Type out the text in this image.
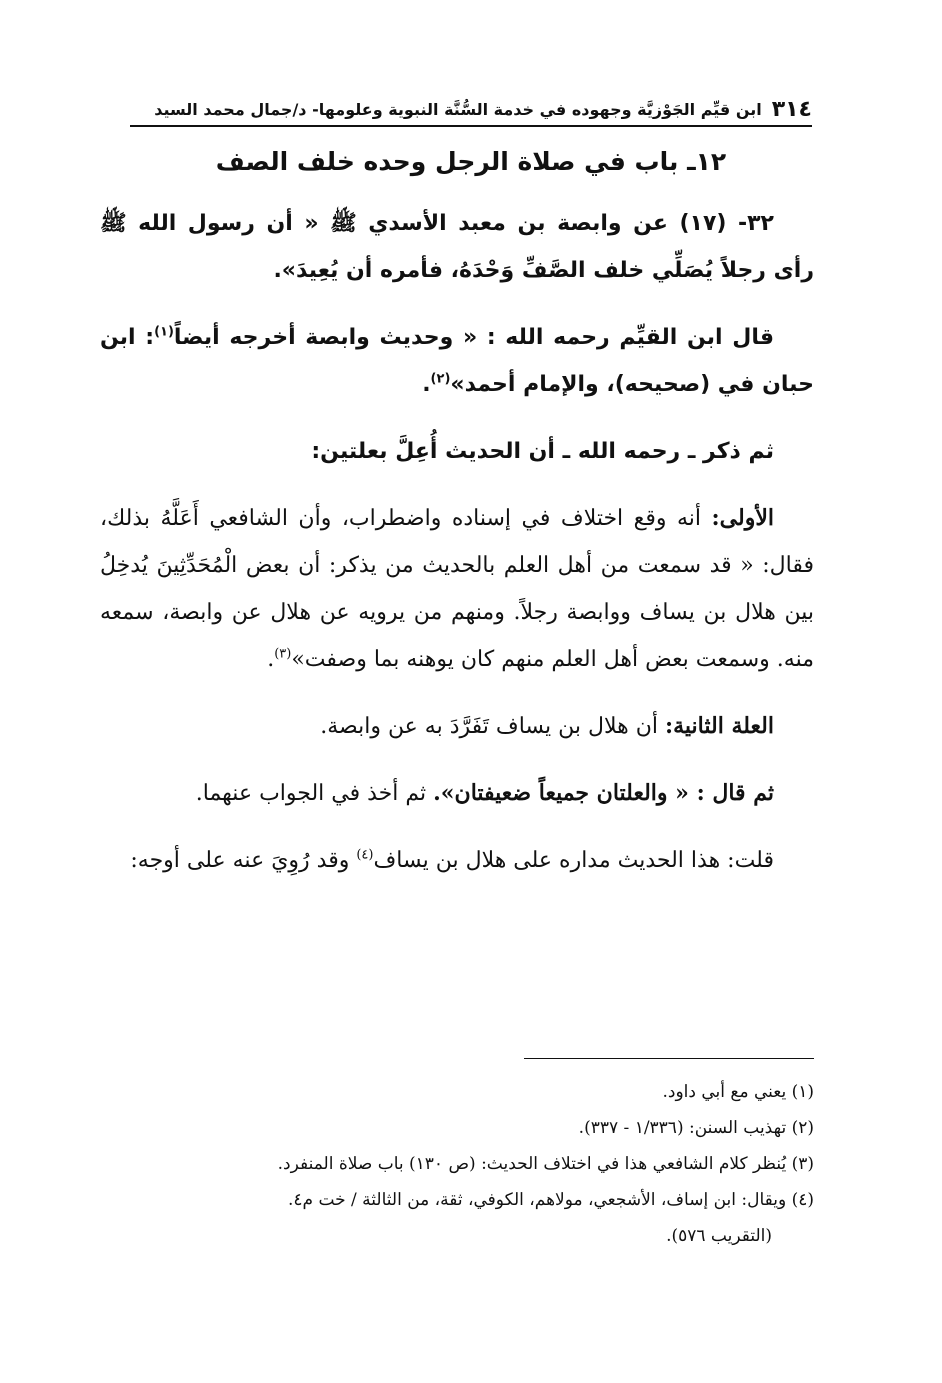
٣١٤
ابن قيِّم الجَوْزيَّة وجهوده في خدمة السُّنَّة النبوية وعلومها- د/جمال محمد السيد
١٢ـ باب في صلاة الرجل وحده خلف الصف

٣٢- (١٧) عن وابصة بن معبد الأسدي ﷺ « أن رسول الله ﷺ رأى رجلاً يُصَلِّي خلف الصَّفِّ وَحْدَهُ، فأمره أن يُعِيدَ».

قال ابن القيِّم رحمه الله : « وحديث وابصة أخرجه أيضاً$^{(١)}$: ابن حبان في (صحيحه)، والإمام أحمد»$^{(٢)}$.

ثم ذكر ـ رحمه الله ـ أن الحديث أُعِلَّ بعلتين:

الأولى: أنه وقع اختلاف في إسناده واضطراب، وأن الشافعي أَعَلَّهُ بذلك، فقال: « قد سمعت من أهل العلم بالحديث من يذكر: أن بعض الْمُحَدِّثِينَ يُدخِلُ بين هلال بن يساف ووابصة رجلاً. ومنهم من يرويه عن هلال عن وابصة، سمعه منه. وسمعت بعض أهل العلم منهم كان يوهنه بما وصفت»$^{(٣)}$.

العلة الثانية: أن هلال بن يساف تَفَرَّدَ به عن وابصة.

ثم قال : « والعلتان جميعاً ضعيفتان». ثم أخذ في الجواب عنهما.

قلت: هذا الحديث مداره على هلال بن يساف$^{(٤)}$ وقد رُوِيَ عنه على أوجه:

(١) يعني مع أبي داود.

(٢) تهذيب السنن: (١/٣٣٦ - ٣٣٧).

(٣) يُنظر كلام الشافعي هذا في اختلاف الحديث: (ص ١٣٠) باب صلاة المنفرد.

(٤) ويقال: ابن إساف، الأشجعي، مولاهم، الكوفي، ثقة، من الثالثة / خت م٤.

(التقريب ٥٧٦).
